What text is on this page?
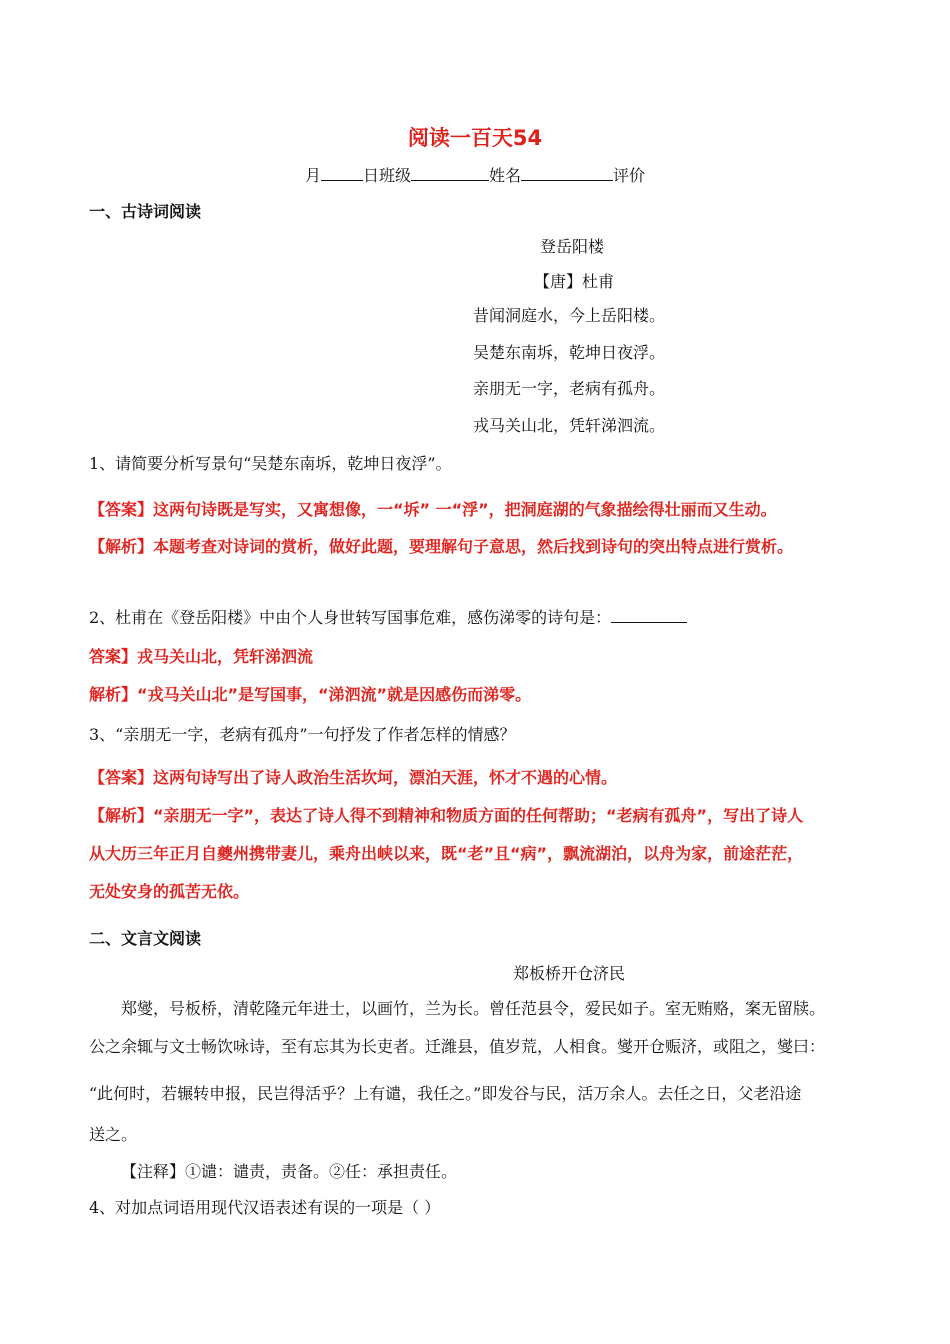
阅读一百天54
月	日班级	姓名	评价
一、古诗词阅读
登岳阳楼
【唐】杜甫
昔闻洞庭水，今上岳阳楼。
吴楚东南坼，乾坤日夜浮。
亲朋无一字，老病有孤舟。
戎马关山北，凭轩涕泗流。
1、请简要分析写景句“吴楚东南坼，乾坤日夜浮”。
【答案】这两句诗既是写实，又寓想像，一“坼” 一“浮”，把洞庭湖的气象描绘得壮丽而又生动。
【解析】本题考查对诗词的赏析，做好此题，要理解句子意思，然后找到诗句的突出特点进行赏析。
2、杜甫在《登岳阳楼》中由个人身世转写国事危难，感伤涕零的诗句是：
答案】戎马关山北，凭轩涕泗流
解析】“戎马关山北”是写国事，“涕泗流”就是因感伤而涕零。
3、“亲朋无一字，老病有孤舟”一句抒发了作者怎样的情感？
【答案】这两句诗写出了诗人政治生活坎坷，漂泊天涯，怀才不遇的心情。
【解析】“亲朋无一字”，表达了诗人得不到精神和物质方面的任何帮助；“老病有孤舟”，写出了诗人
从大历三年正月自夔州携带妻儿，乘舟出峡以来，既“老”且“病”，飘流湖泊，以舟为家，前途茫茫，
无处安身的孤苦无依。
二、文言文阅读
郑板桥开仓济民
郑燮，号板桥，清乾隆元年进士，以画竹，兰为长。曾任范县令，爱民如子。室无贿赂，案无留牍。
公之余辄与文士畅饮咏诗，至有忘其为长吏者。迁潍县，值岁荒，人相食。燮开仓赈济，或阻之，燮曰：
“此何时，若辗转申报，民岂得活乎？上有谴，我任之。”即发谷与民，活万余人。去任之日，父老沿途
送之。
【注释】①谴：谴责，责备。②任：承担责任。
4、对加点词语用现代汉语表述有误的一项是（ ）
